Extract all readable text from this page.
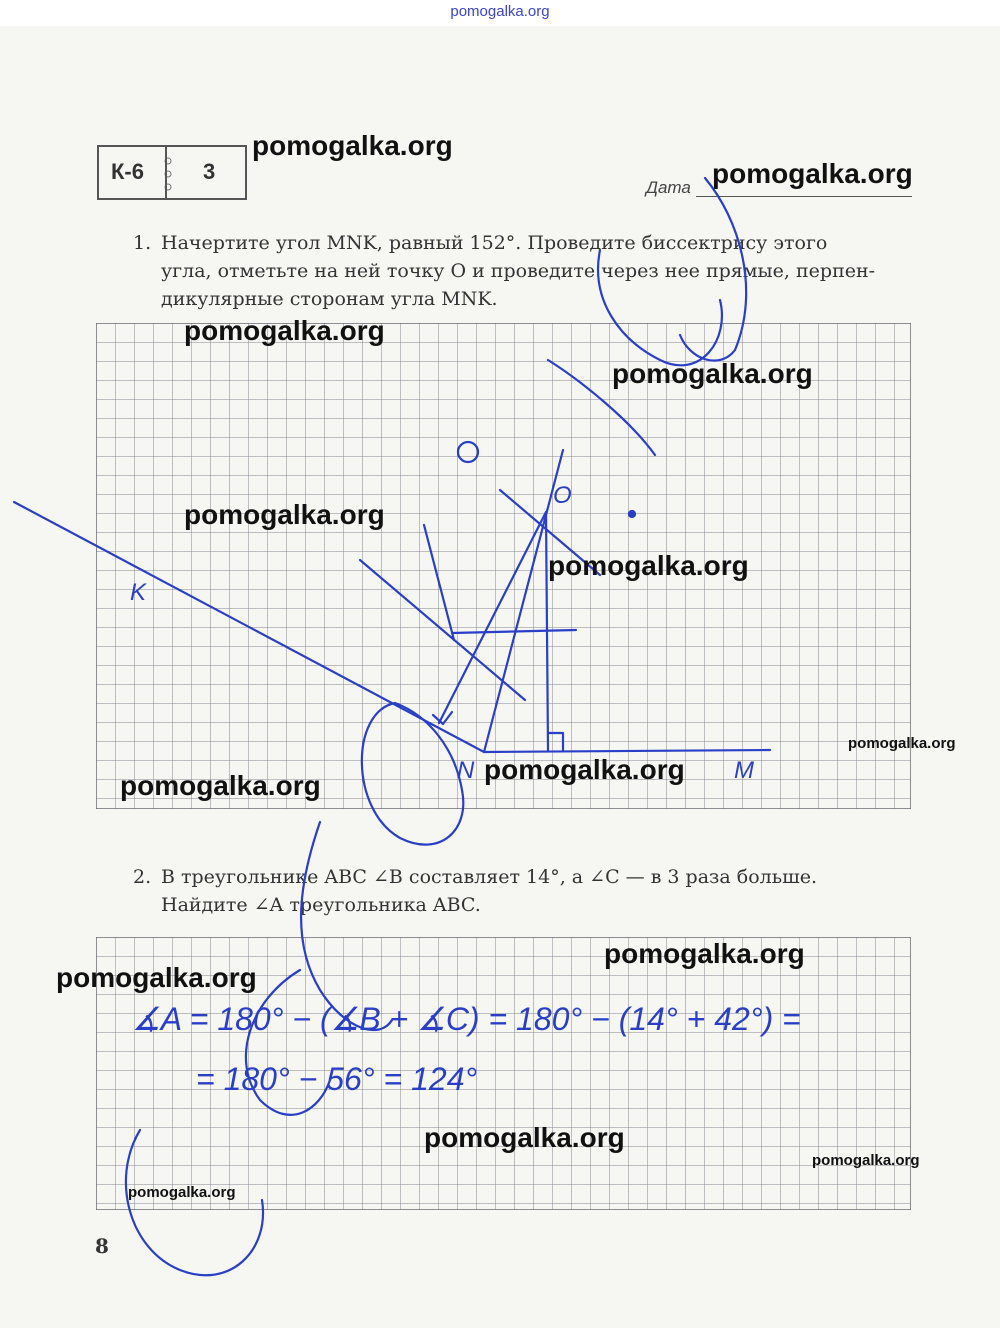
pomogalka.org
К-6	3
Дата
1. Начертите угол MNK, равный 152°. Проведите биссектрису этого
угла, отметьте на ней точку O и проведите через нее прямые, перпен-
дикулярные сторонам угла MNK.
2. В треугольнике ABC ∠B составляет 14°, а ∠C — в 3 раза больше.
Найдите ∠A треугольника ABC.
K
N	M
O
∡A = 180° − (∡B + ∡C) = 180° − (14° + 42°) =
= 180° − 56° = 124°
pomogalka.org
pomogalka.org
pomogalka.org
pomogalka.org
pomogalka.org
pomogalka.org
pomogalka.org
pomogalka.org
pomogalka.org
pomogalka.org
pomogalka.org
pomogalka.org
pomogalka.org
pomogalka.org
8
